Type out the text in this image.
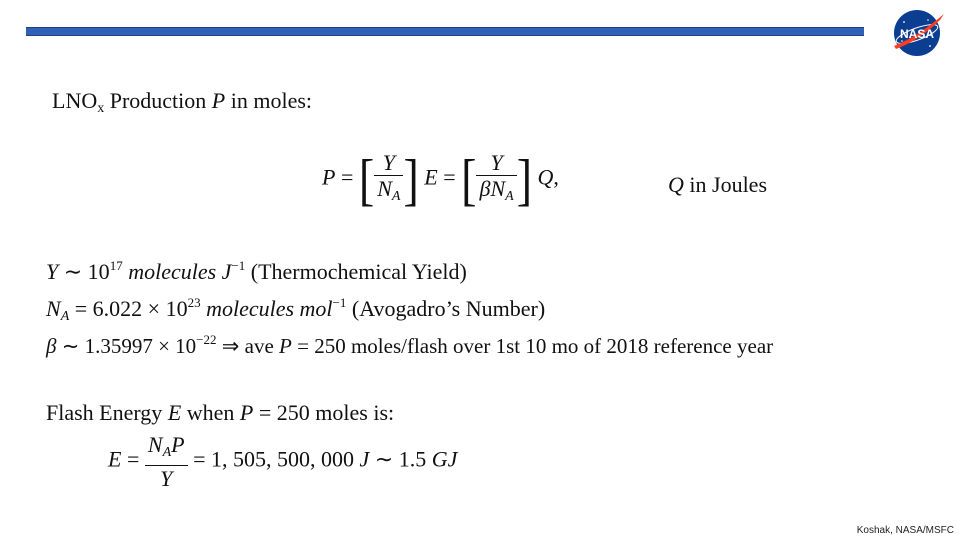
NASA
$LNO_x$ Production P in moles:
P = [ $\frac{Y}{N_A}$ ] E = [ $\frac{Y}{\beta N_A}$ ] Q,	Q in Joules
Y ∼ $10^{17}$ molecules $J^{-1}$ (Thermochemical Yield)
$N_A = 6.022 \times 10^{23}$ molecules mol$^{-1}$ (Avogadro’s Number)
β ∼ $1.35997 \times 10^{-22}$ ⇒ ave P = 250 moles/flash over 1st 10 mo of 2018 reference year
Flash Energy E when P = 250 moles is:
$E = \frac{N_AP}{Y} = 1$, 505, 500, 000 J ∼ 1.5 GJ
Koshak, NASA/MSFC
